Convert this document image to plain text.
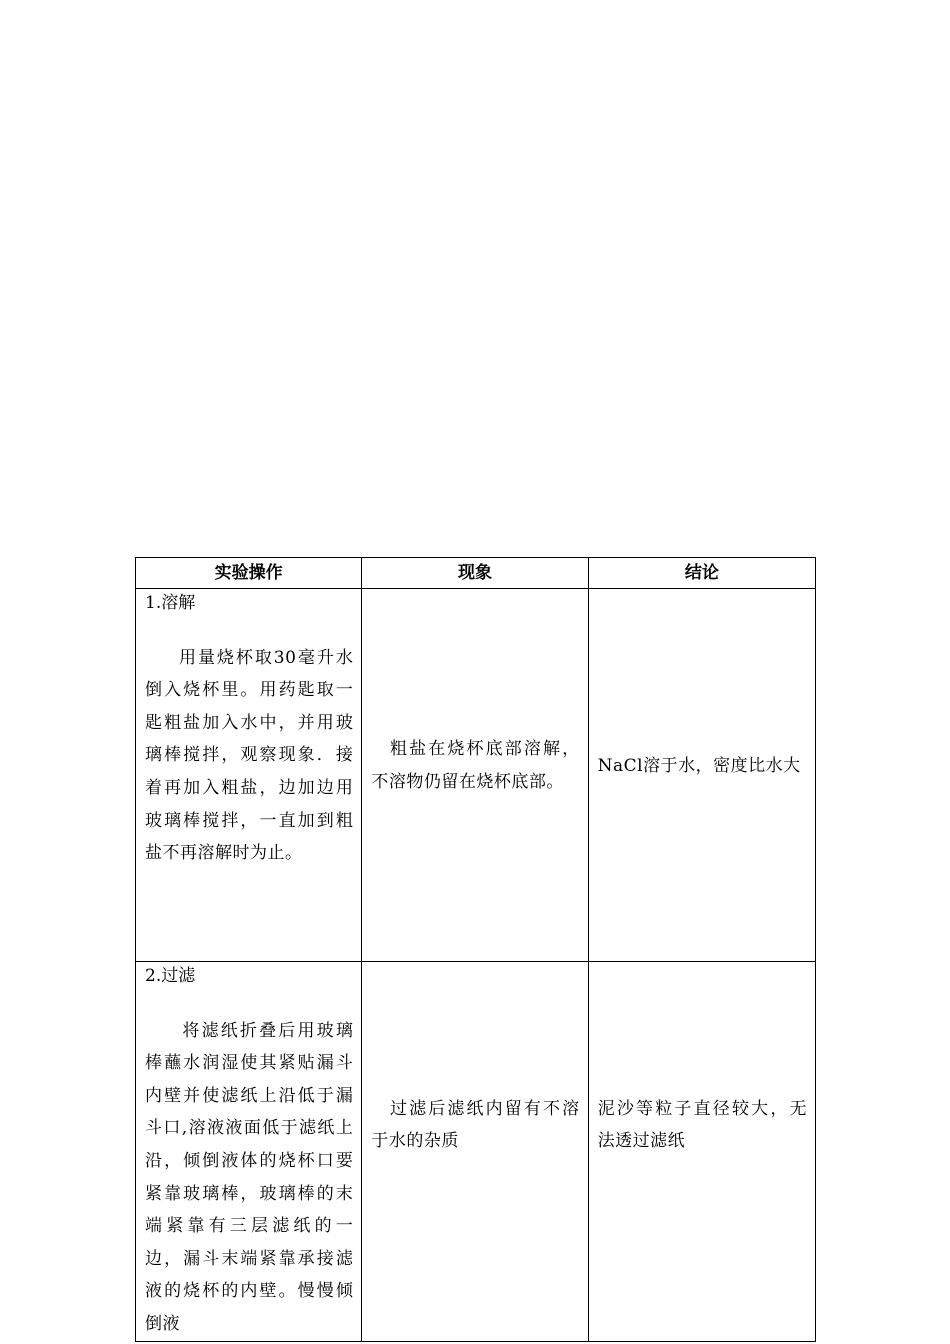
实验操作	现象	结论

1.溶解
用量烧杯取30毫升水倒入烧杯里。用药匙取一匙粗盐加入水中，并用玻璃棒搅拌，观察现象．接着再加入粗盐，边加边用玻璃棒搅拌，一直加到粗盐不再溶解时为止。	粗盐在烧杯底部溶解，不溶物仍留在烧杯底部。	NaCl溶于水，密度比水大

2.过滤
将滤纸折叠后用玻璃棒蘸水润湿使其紧贴漏斗内壁并使滤纸上沿低于漏斗口,溶液液面低于滤纸上沿，倾倒液体的烧杯口要紧靠玻璃棒，玻璃棒的末端紧靠有三层滤纸的一边，漏斗末端紧靠承接滤液的烧杯的内壁。慢慢倾倒液	过滤后滤纸内留有不溶于水的杂质	泥沙等粒子直径较大，无法透过滤纸
